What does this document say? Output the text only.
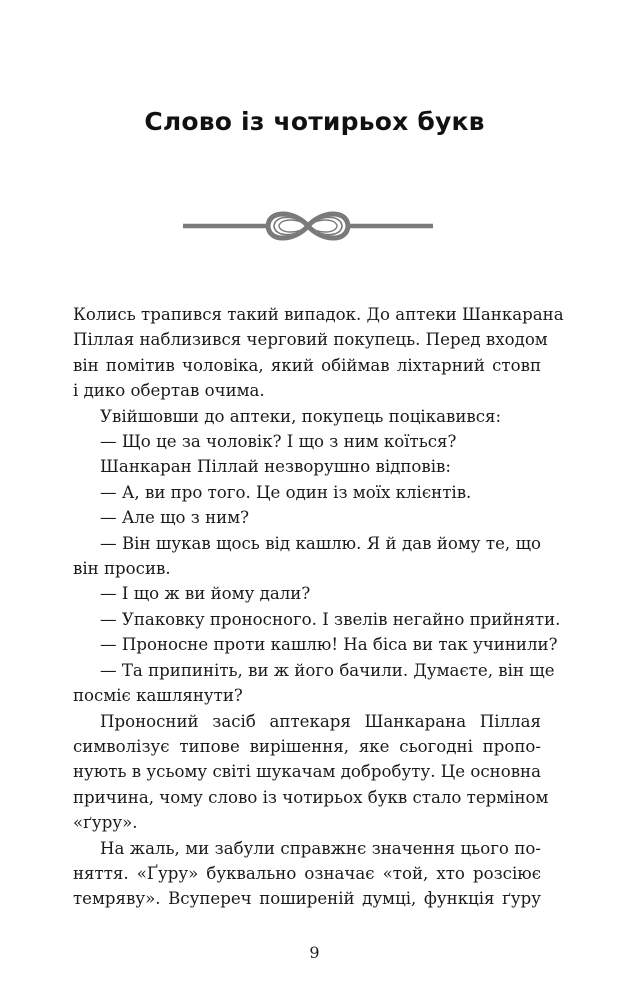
Слово із чотирьох букв
Колись трапився такий випадок. До аптеки Шанкарана
Піллая наблизився черговий покупець. Перед входом
він помітив чоловіка, який обіймав ліхтарний стовп
і дико обертав очима.
Увійшовши до аптеки, покупець поцікавився:
— Що це за чоловік? І що з ним коїться?
Шанкаран Піллай незворушно відповів:
— А, ви про того. Це один із моїх клієнтів.
— Але що з ним?
— Він шукав щось від кашлю. Я й дав йому те, що
він просив.
— І що ж ви йому дали?
— Упаковку проносного. І звелів негайно прийняти.
— Проносне проти кашлю! На біса ви так учинили?
— Та припиніть, ви ж його бачили. Думаєте, він ще
посміє кашлянути?
Проносний засіб аптекаря Шанкарана Піллая
символізує типове вирішення, яке сьогодні пропо-
нують в усьому світі шукачам добробуту. Це основна
причина, чому слово із чотирьох букв стало терміном
«ґуру».
На жаль, ми забули справжнє значення цього по-
няття. «Ґуру» буквально означає «той, хто розсіює
темряву». Всупереч поширеній думці, функція ґуру
9
